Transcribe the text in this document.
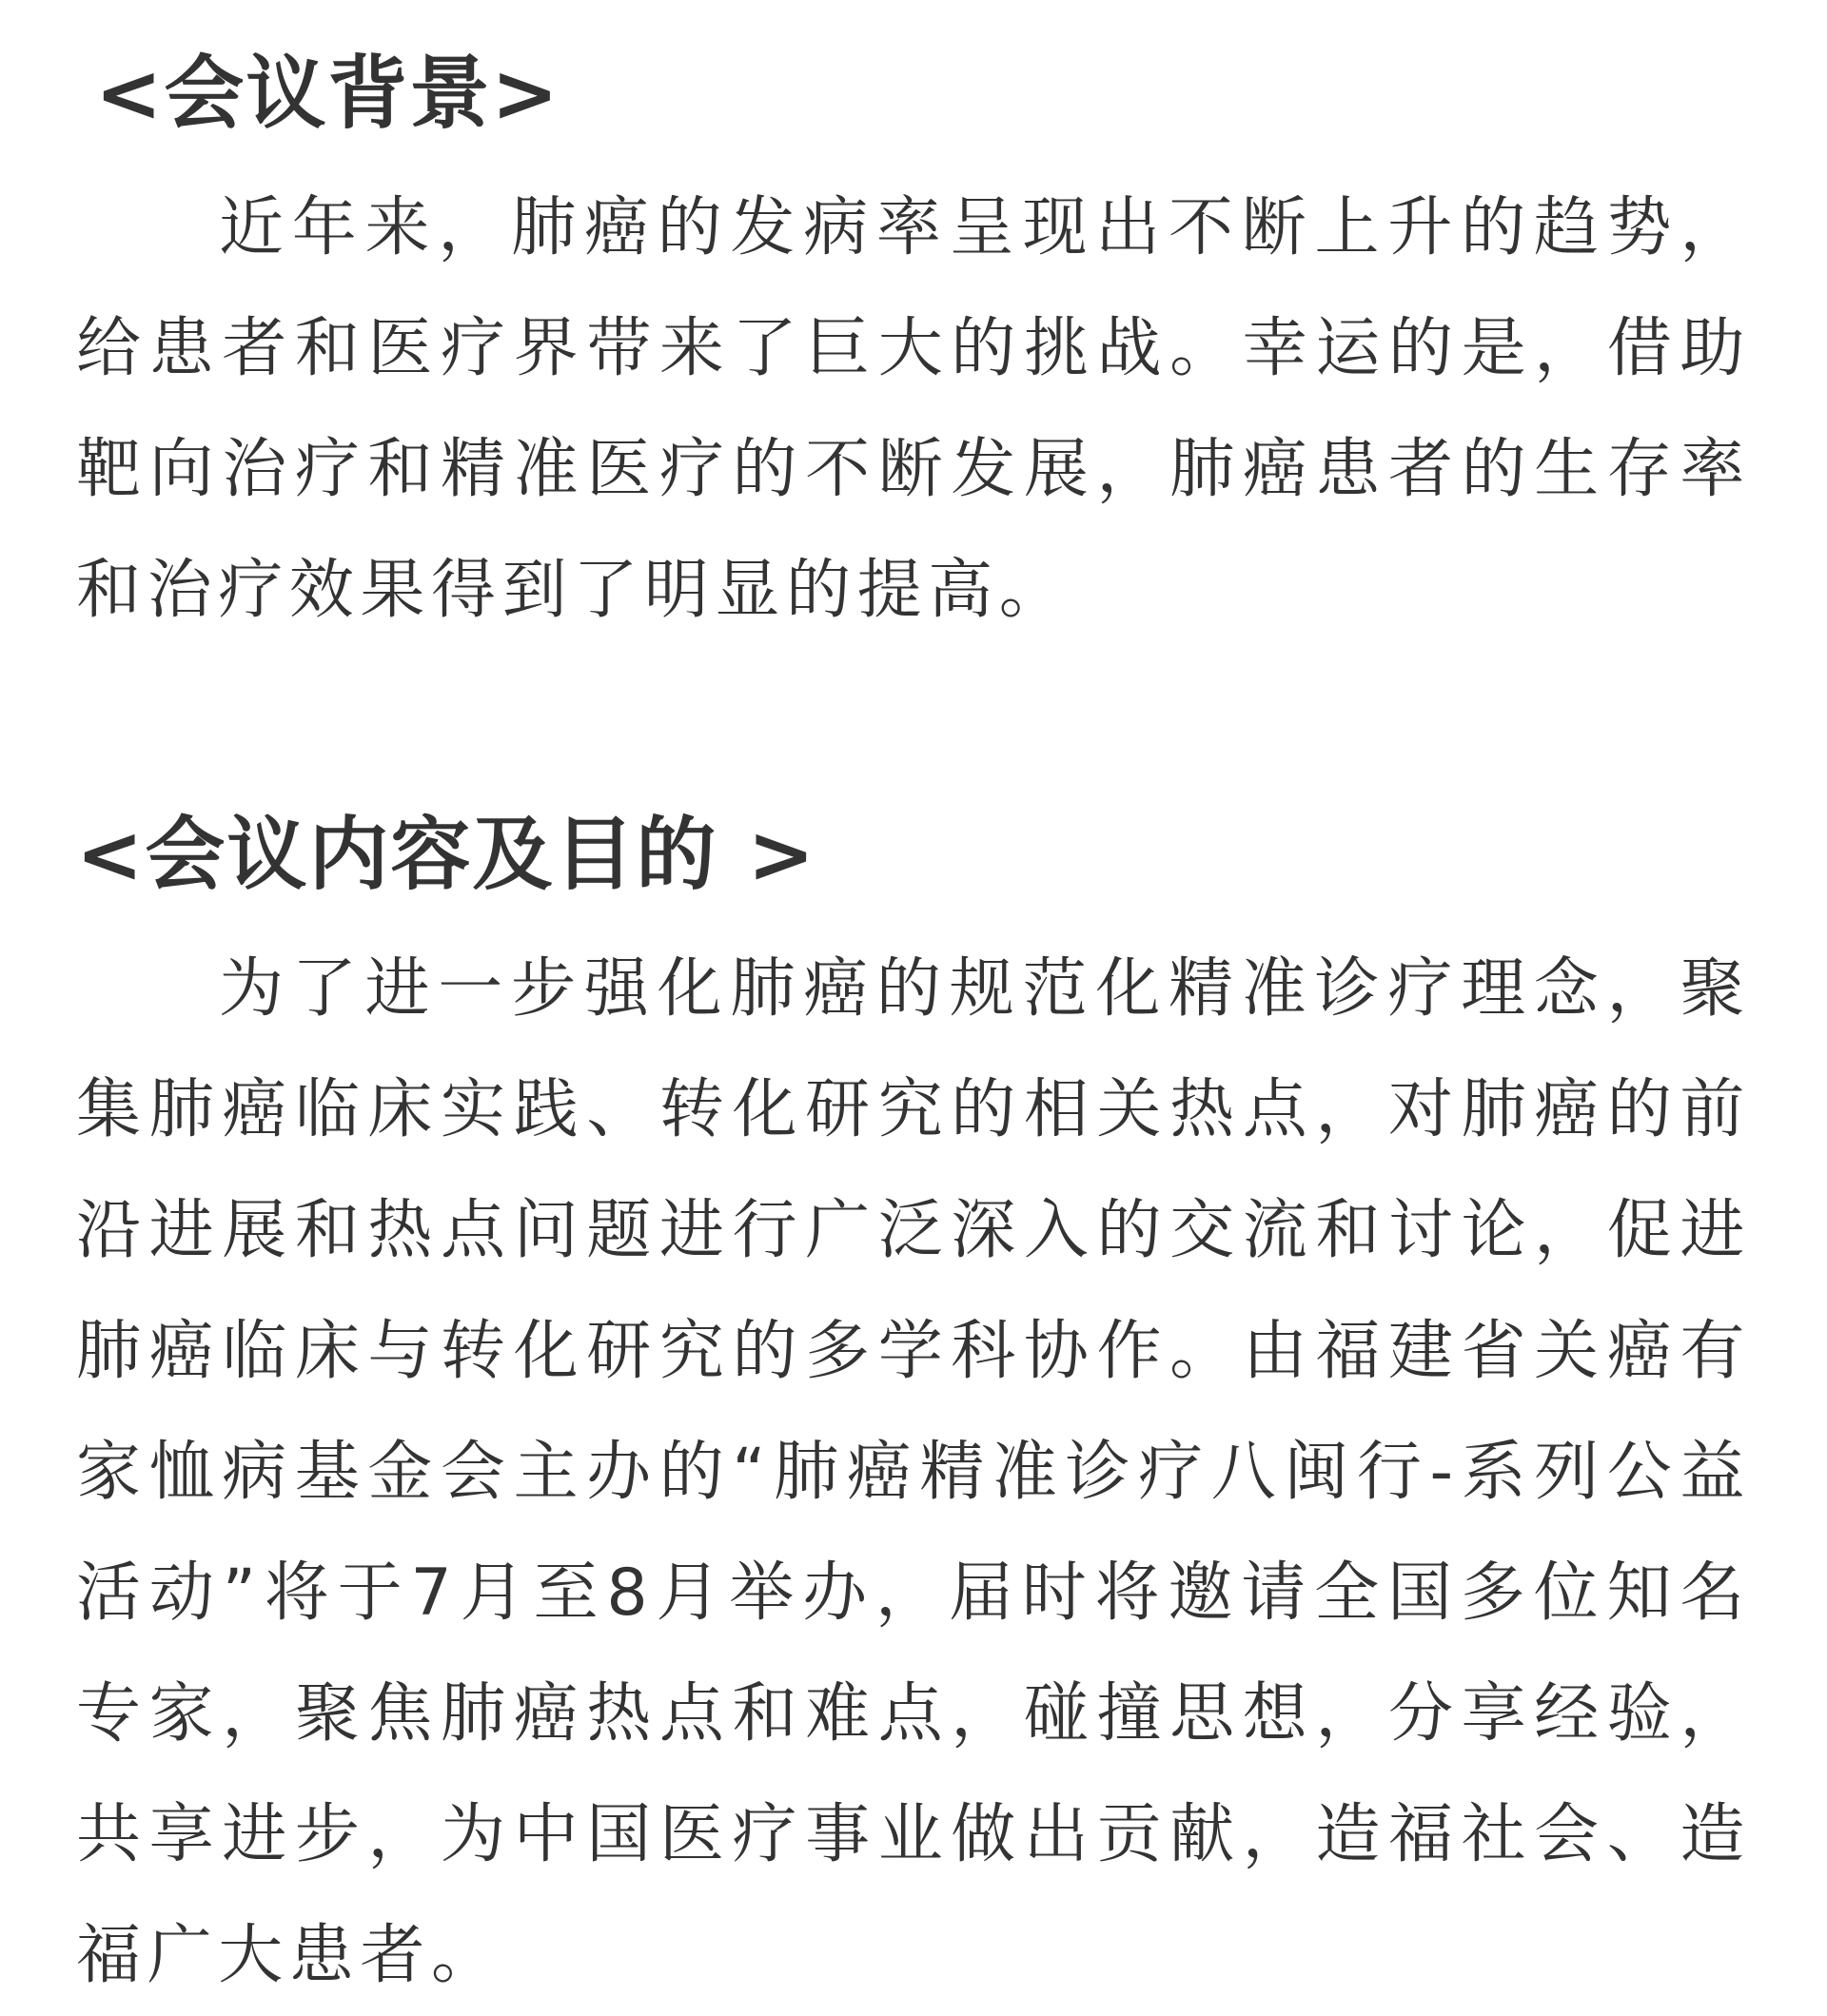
<会议背景>

近年来，肺癌的发病率呈现出不断上升的趋势，给患者和医疗界带来了巨大的挑战。幸运的是，借助靶向治疗和精准医疗的不断发展，肺癌患者的生存率和治疗效果得到了明显的提高。

<会议内容及目的 >

为了进一步强化肺癌的规范化精准诊疗理念，聚集肺癌临床实践、转化研究的相关热点，对肺癌的前沿进展和热点问题进行广泛深入的交流和讨论，促进肺癌临床与转化研究的多学科协作。由福建省关癌有家恤病基金会主办的“肺癌精准诊疗八闽行-系列公益活动”将于7月至8月举办，届时将邀请全国多位知名专家，聚焦肺癌热点和难点，碰撞思想，分享经验，共享进步，为中国医疗事业做出贡献，造福社会、造福广大患者。
